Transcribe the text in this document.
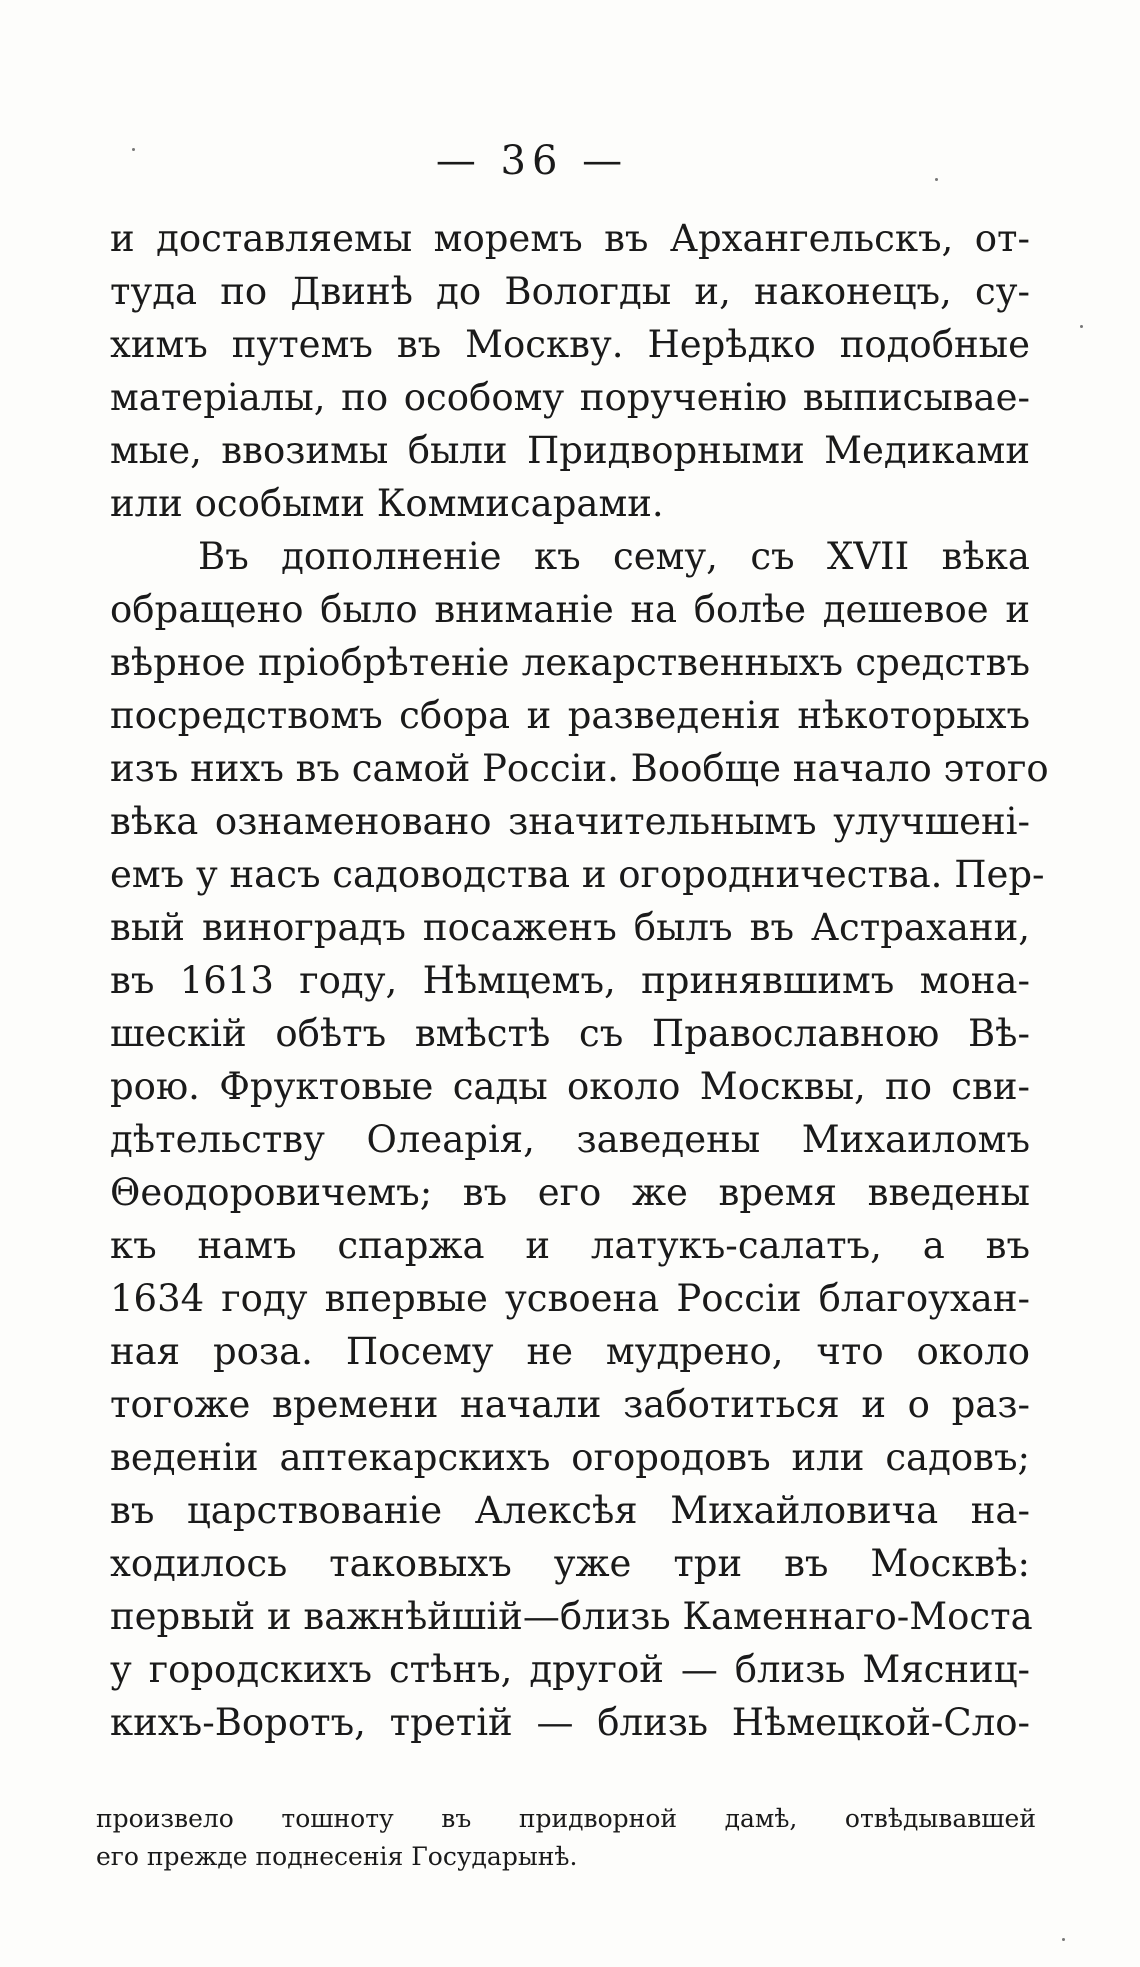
— 36 —
и доставляемы моремъ въ Архангельскъ, от-
туда по Двинѣ до Вологды и, наконецъ, су-
химъ путемъ въ Москву. Нерѣдко подобные
матеріалы, по особому порученію выписывае-
мые, ввозимы были Придворными Медиками
или особыми Коммисарами.
Въ дополненіе къ сему, съ XVII вѣка
обращено было вниманіе на болѣе дешевое и
вѣрное пріобрѣтеніе лекарственныхъ средствъ
посредствомъ сбора и разведенія нѣкоторыхъ
изъ нихъ въ самой Россіи. Вообще начало этого
вѣка ознаменовано значительнымъ улучшені-
емъ у насъ садоводства и огородничества. Пер-
вый виноградъ посаженъ былъ въ Астрахани,
въ 1613 году, Нѣмцемъ, принявшимъ мона-
шескій обѣтъ вмѣстѣ съ Православною Вѣ-
рою. Фруктовые сады около Москвы, по сви-
дѣтельству Олеарія, заведены Михаиломъ
Θеодоровичемъ; въ его же время введены
къ намъ спаржа и латукъ-салатъ, а въ
1634 году впервые усвоена Россіи благоухан-
ная роза. Посему не мудрено, что около
тогоже времени начали заботиться и о раз-
веденіи аптекарскихъ огородовъ или садовъ;
въ царствованіе Алексѣя Михайловича на-
ходилось таковыхъ уже три въ Москвѣ:
первый и важнѣйшій—близь Каменнаго-Моста
у городскихъ стѣнъ, другой — близь Мясниц-
кихъ-Воротъ, третій — близь Нѣмецкой-Сло-
произвело тошноту въ придворной дамѣ, отвѣдывавшей
его прежде поднесенія Государынѣ.
